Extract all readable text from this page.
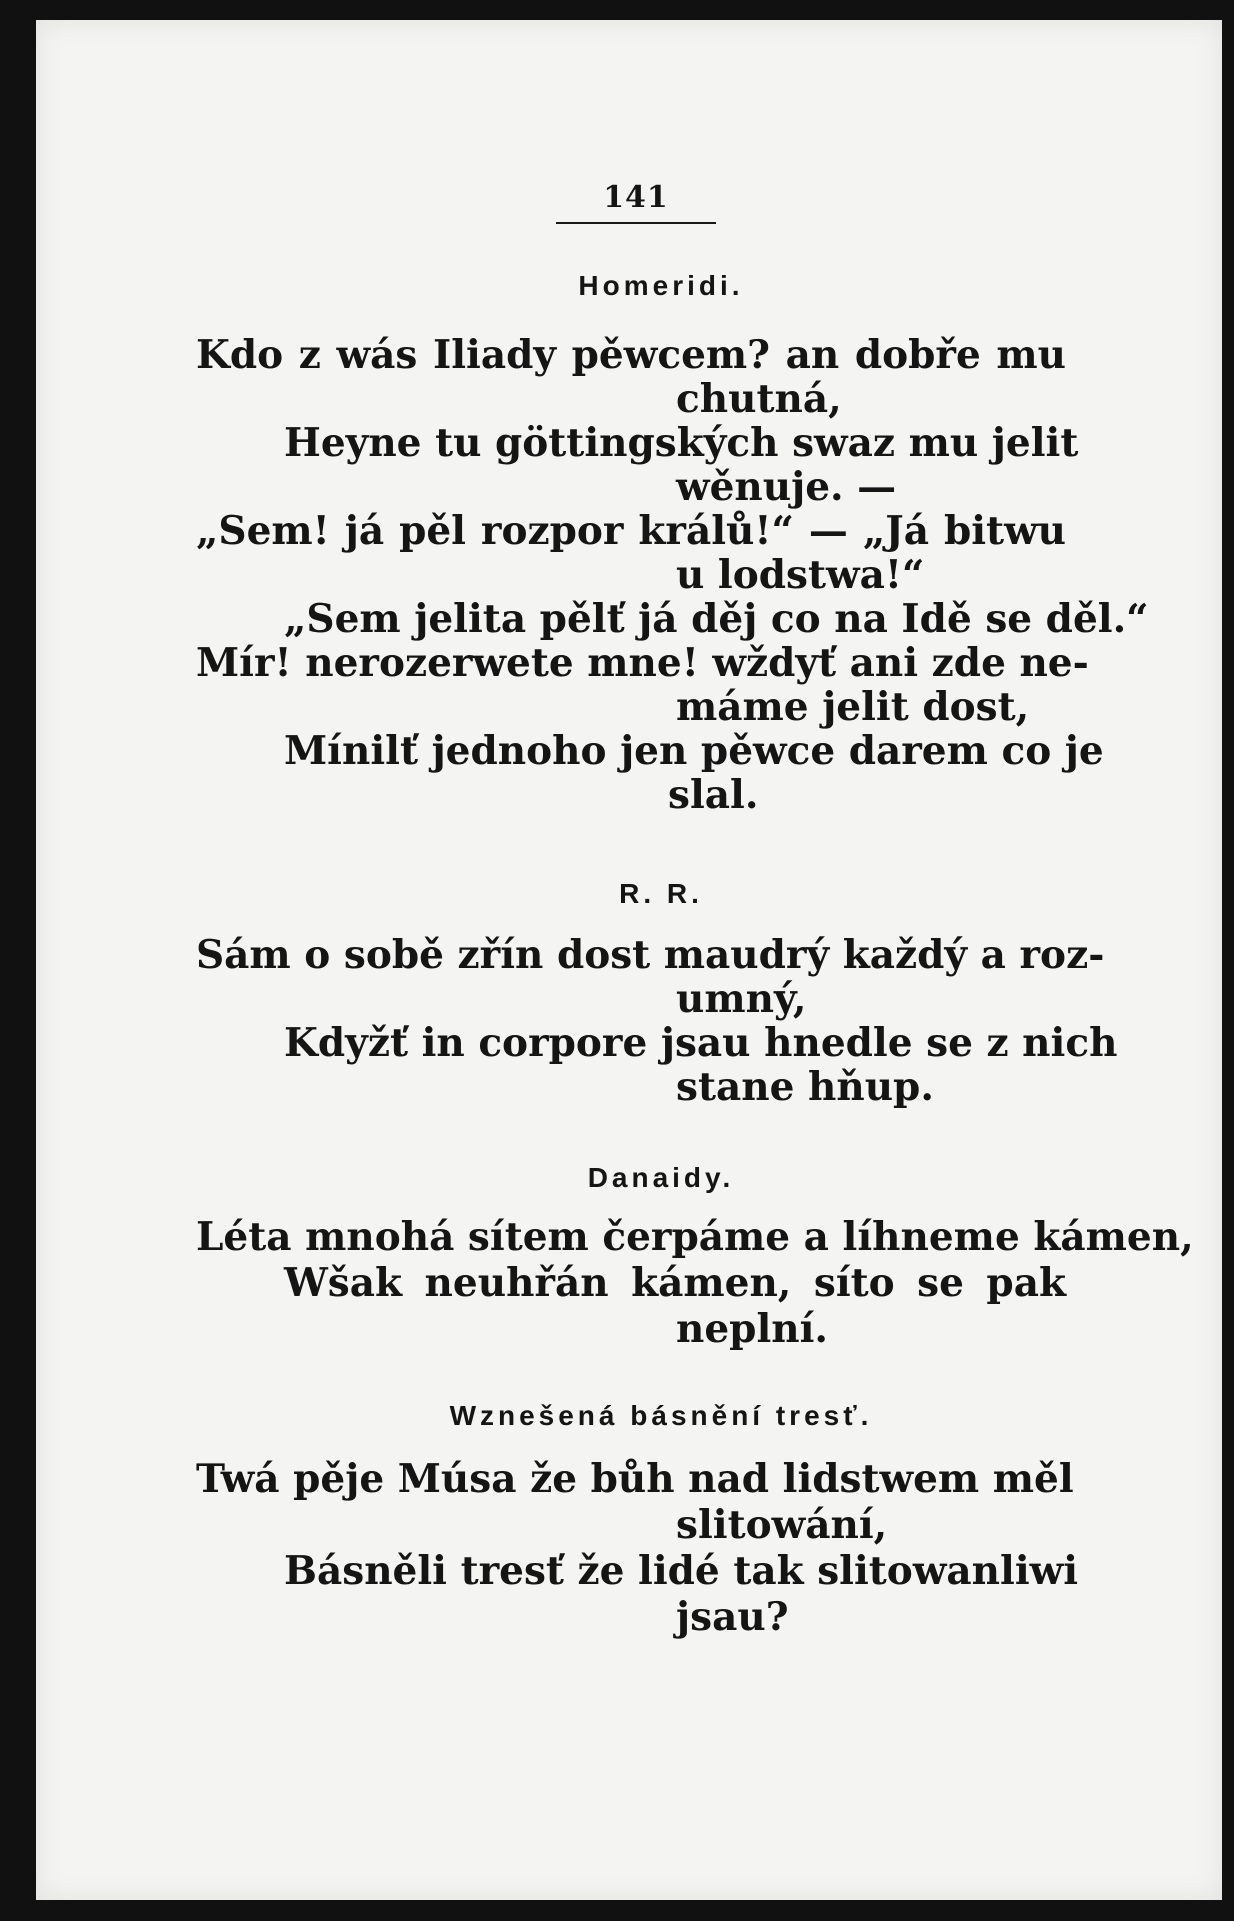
141
Homeridi.
Kdo z wás Iliady pěwcem? an dobře mu
chutná,
Heyne tu göttingských swaz mu jelit
wěnuje. —
„Sem! já pěl rozpor králů!“ — „Já bitwu
u lodstwa!“
„Sem jelita pělť já děj co na Idě se děl.“
Mír! nerozerwete mne! wždyť ani zde ne-
máme jelit dost,
Mínilť jednoho jen pěwce darem co je
slal.
R. R.
Sám o sobě zřín dost maudrý každý a roz-
umný,
Kdyžť in corpore jsau hnedle se z nich
stane hňup.
Danaidy.
Léta mnohá sítem čerpáme a líhneme kámen,
Wšak neuhřán kámen, síto se pak
neplní.
Wznešená básnění tresť.
Twá pěje Músa že bůh nad lidstwem měl
slitowání,
Básněli tresť že lidé tak slitowanliwi
jsau?
